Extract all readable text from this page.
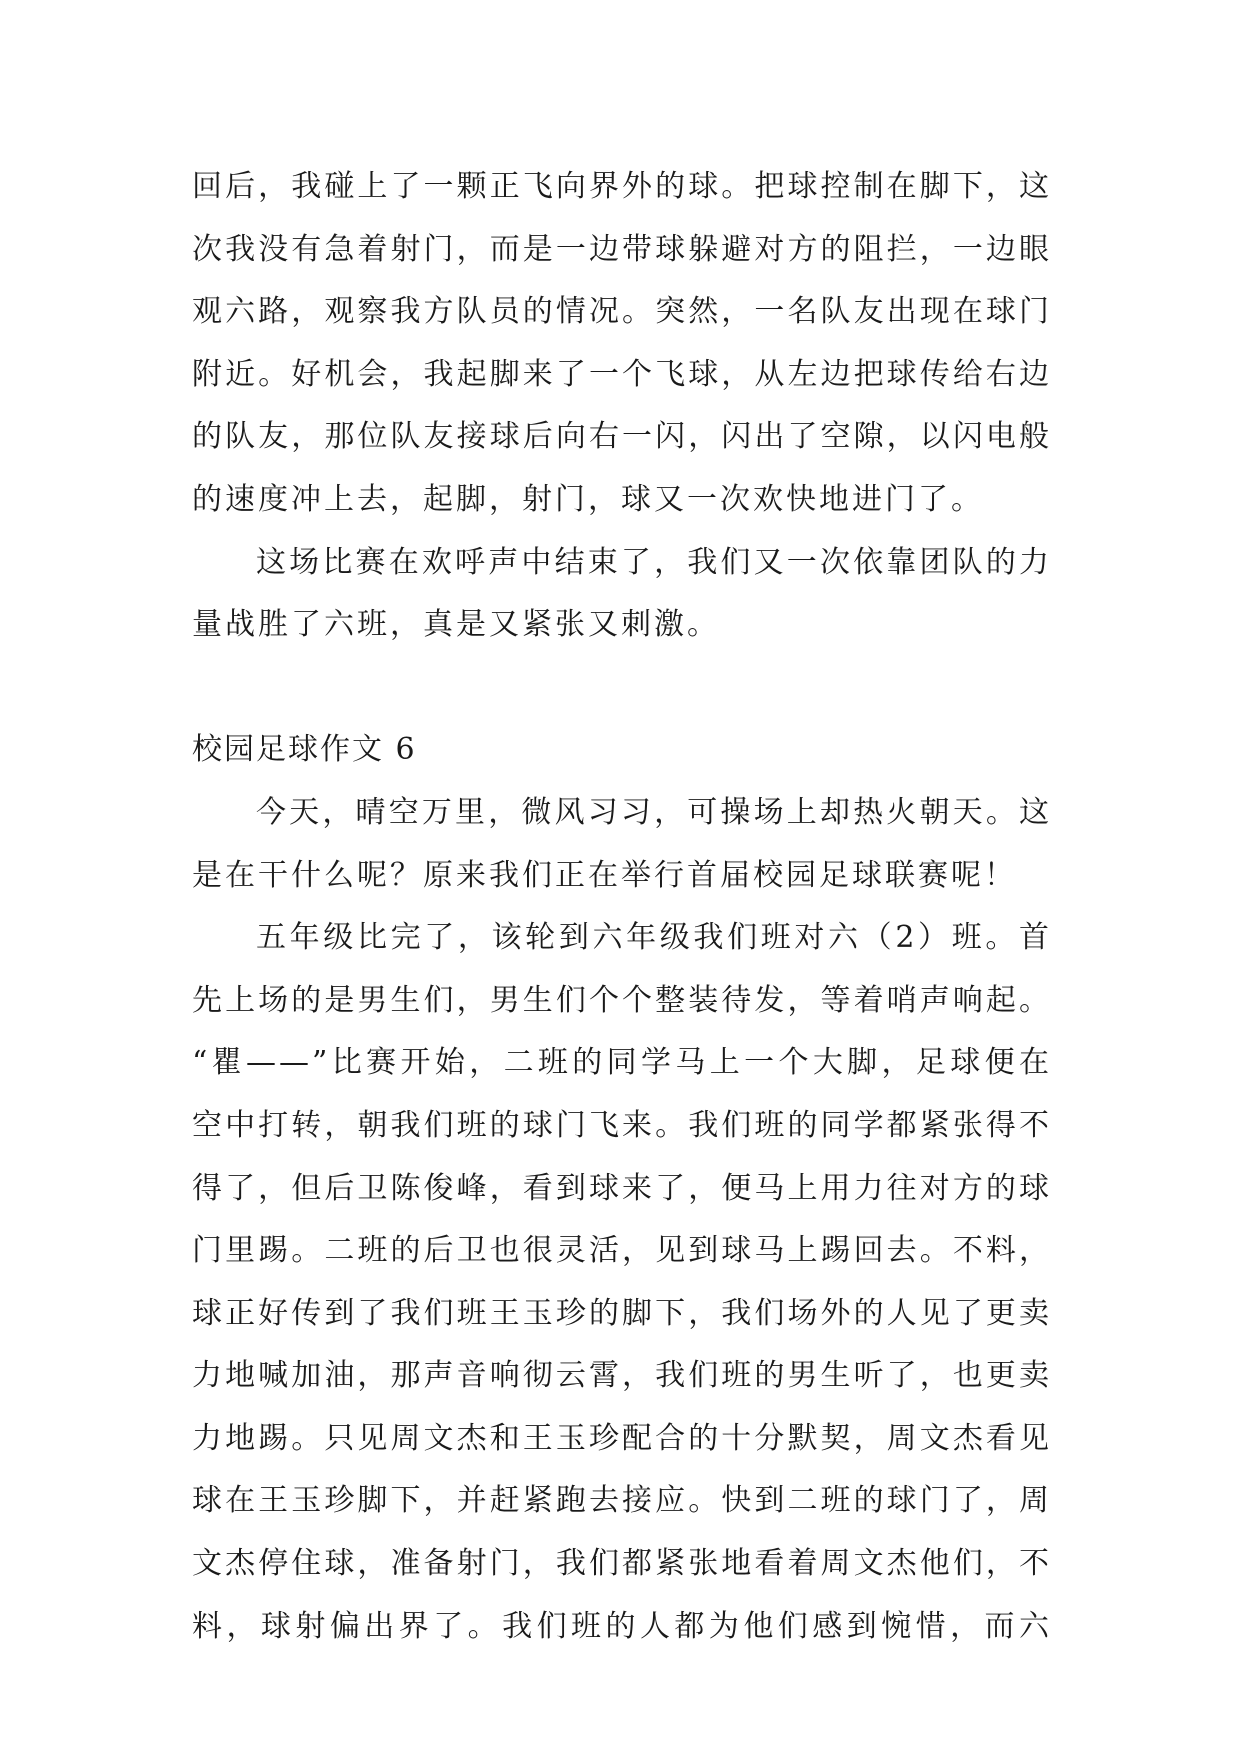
回后，我碰上了一颗正飞向界外的球。把球控制在脚下，这
次我没有急着射门，而是一边带球躲避对方的阻拦，一边眼
观六路，观察我方队员的情况。突然，一名队友出现在球门
附近。好机会，我起脚来了一个飞球，从左边把球传给右边
的队友，那位队友接球后向右一闪，闪出了空隙，以闪电般
的速度冲上去，起脚，射门，球又一次欢快地进门了。
这场比赛在欢呼声中结束了，我们又一次依靠团队的力
量战胜了六班，真是又紧张又刺激。
校园足球作文 6
今天，晴空万里，微风习习，可操场上却热火朝天。这
是在干什么呢？原来我们正在举行首届校园足球联赛呢！
五年级比完了，该轮到六年级我们班对六（2）班。首
先上场的是男生们，男生们个个整装待发，等着哨声响起。
“瞿——”比赛开始，二班的同学马上一个大脚，足球便在
空中打转，朝我们班的球门飞来。我们班的同学都紧张得不
得了，但后卫陈俊峰，看到球来了，便马上用力往对方的球
门里踢。二班的后卫也很灵活，见到球马上踢回去。不料，
球正好传到了我们班王玉珍的脚下，我们场外的人见了更卖
力地喊加油，那声音响彻云霄，我们班的男生听了，也更卖
力地踢。只见周文杰和王玉珍配合的十分默契，周文杰看见
球在王玉珍脚下，并赶紧跑去接应。快到二班的球门了，周
文杰停住球，准备射门，我们都紧张地看着周文杰他们，不
料，球射偏出界了。我们班的人都为他们感到惋惜，而六
